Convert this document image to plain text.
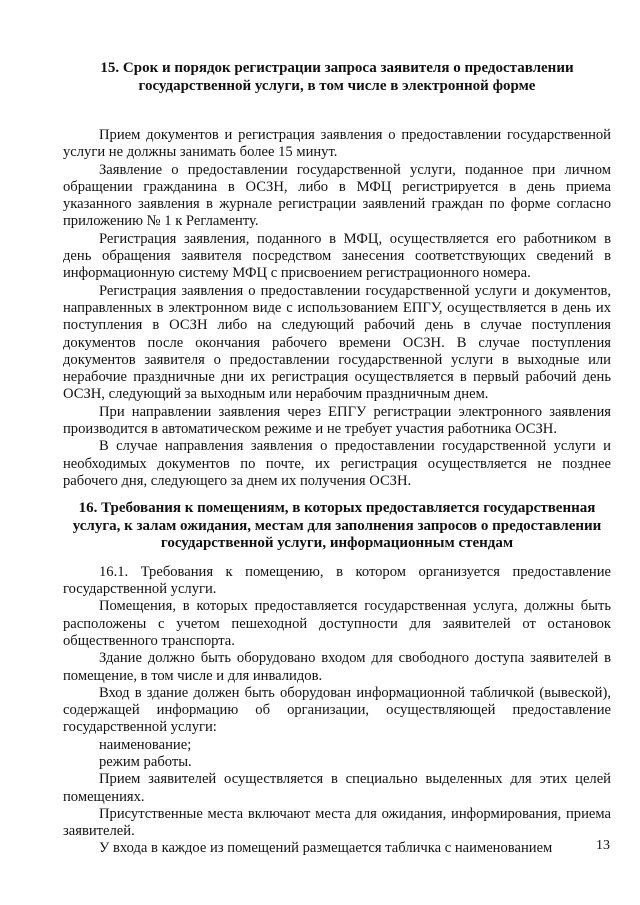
15. Срок и порядок регистрации запроса заявителя о предоставлении
государственной услуги, в том числе в электронной форме

Прием документов и регистрация заявления о предоставлении государственной услуги не должны занимать более 15 минут.

Заявление о предоставлении государственной услуги, поданное при личном обращении гражданина в ОСЗН, либо в МФЦ регистрируется в день приема указанного заявления в журнале регистрации заявлений граждан по форме согласно приложению № 1 к Регламенту.

Регистрация заявления, поданного в МФЦ, осуществляется его работником в день обращения заявителя посредством занесения соответствующих сведений в информационную систему МФЦ с присвоением регистрационного номера.

Регистрация заявления о предоставлении государственной услуги и документов, направленных в электронном виде с использованием ЕПГУ, осуществляется в день их поступления в ОСЗН либо на следующий рабочий день в случае поступления документов после окончания рабочего времени ОСЗН. В случае поступления документов заявителя о предоставлении государственной услуги в выходные или нерабочие праздничные дни их регистрация осуществляется в первый рабочий день ОСЗН, следующий за выходным или нерабочим праздничным днем.

При направлении заявления через ЕПГУ регистрации электронного заявления производится в автоматическом режиме и не требует участия работника ОСЗН.

В случае направления заявления о предоставлении государственной услуги и необходимых документов по почте, их регистрация осуществляется не позднее рабочего дня, следующего за днем их получения ОСЗН.

16. Требования к помещениям, в которых предоставляется государственная
услуга, к залам ожидания, местам для заполнения запросов о предоставлении
государственной услуги, информационным стендам

16.1. Требования к помещению, в котором организуется предоставление государственной услуги.

Помещения, в которых предоставляется государственная услуга, должны быть расположены с учетом пешеходной доступности для заявителей от остановок общественного транспорта.

Здание должно быть оборудовано входом для свободного доступа заявителей в помещение, в том числе и для инвалидов.

Вход в здание должен быть оборудован информационной табличкой (вывеской), содержащей информацию об организации, осуществляющей предоставление государственной услуги:

наименование;

режим работы.

Прием заявителей осуществляется в специально выделенных для этих целей помещениях.

Присутственные места включают места для ожидания, информирования, приема заявителей.

У входа в каждое из помещений размещается табличка с наименованием	13
